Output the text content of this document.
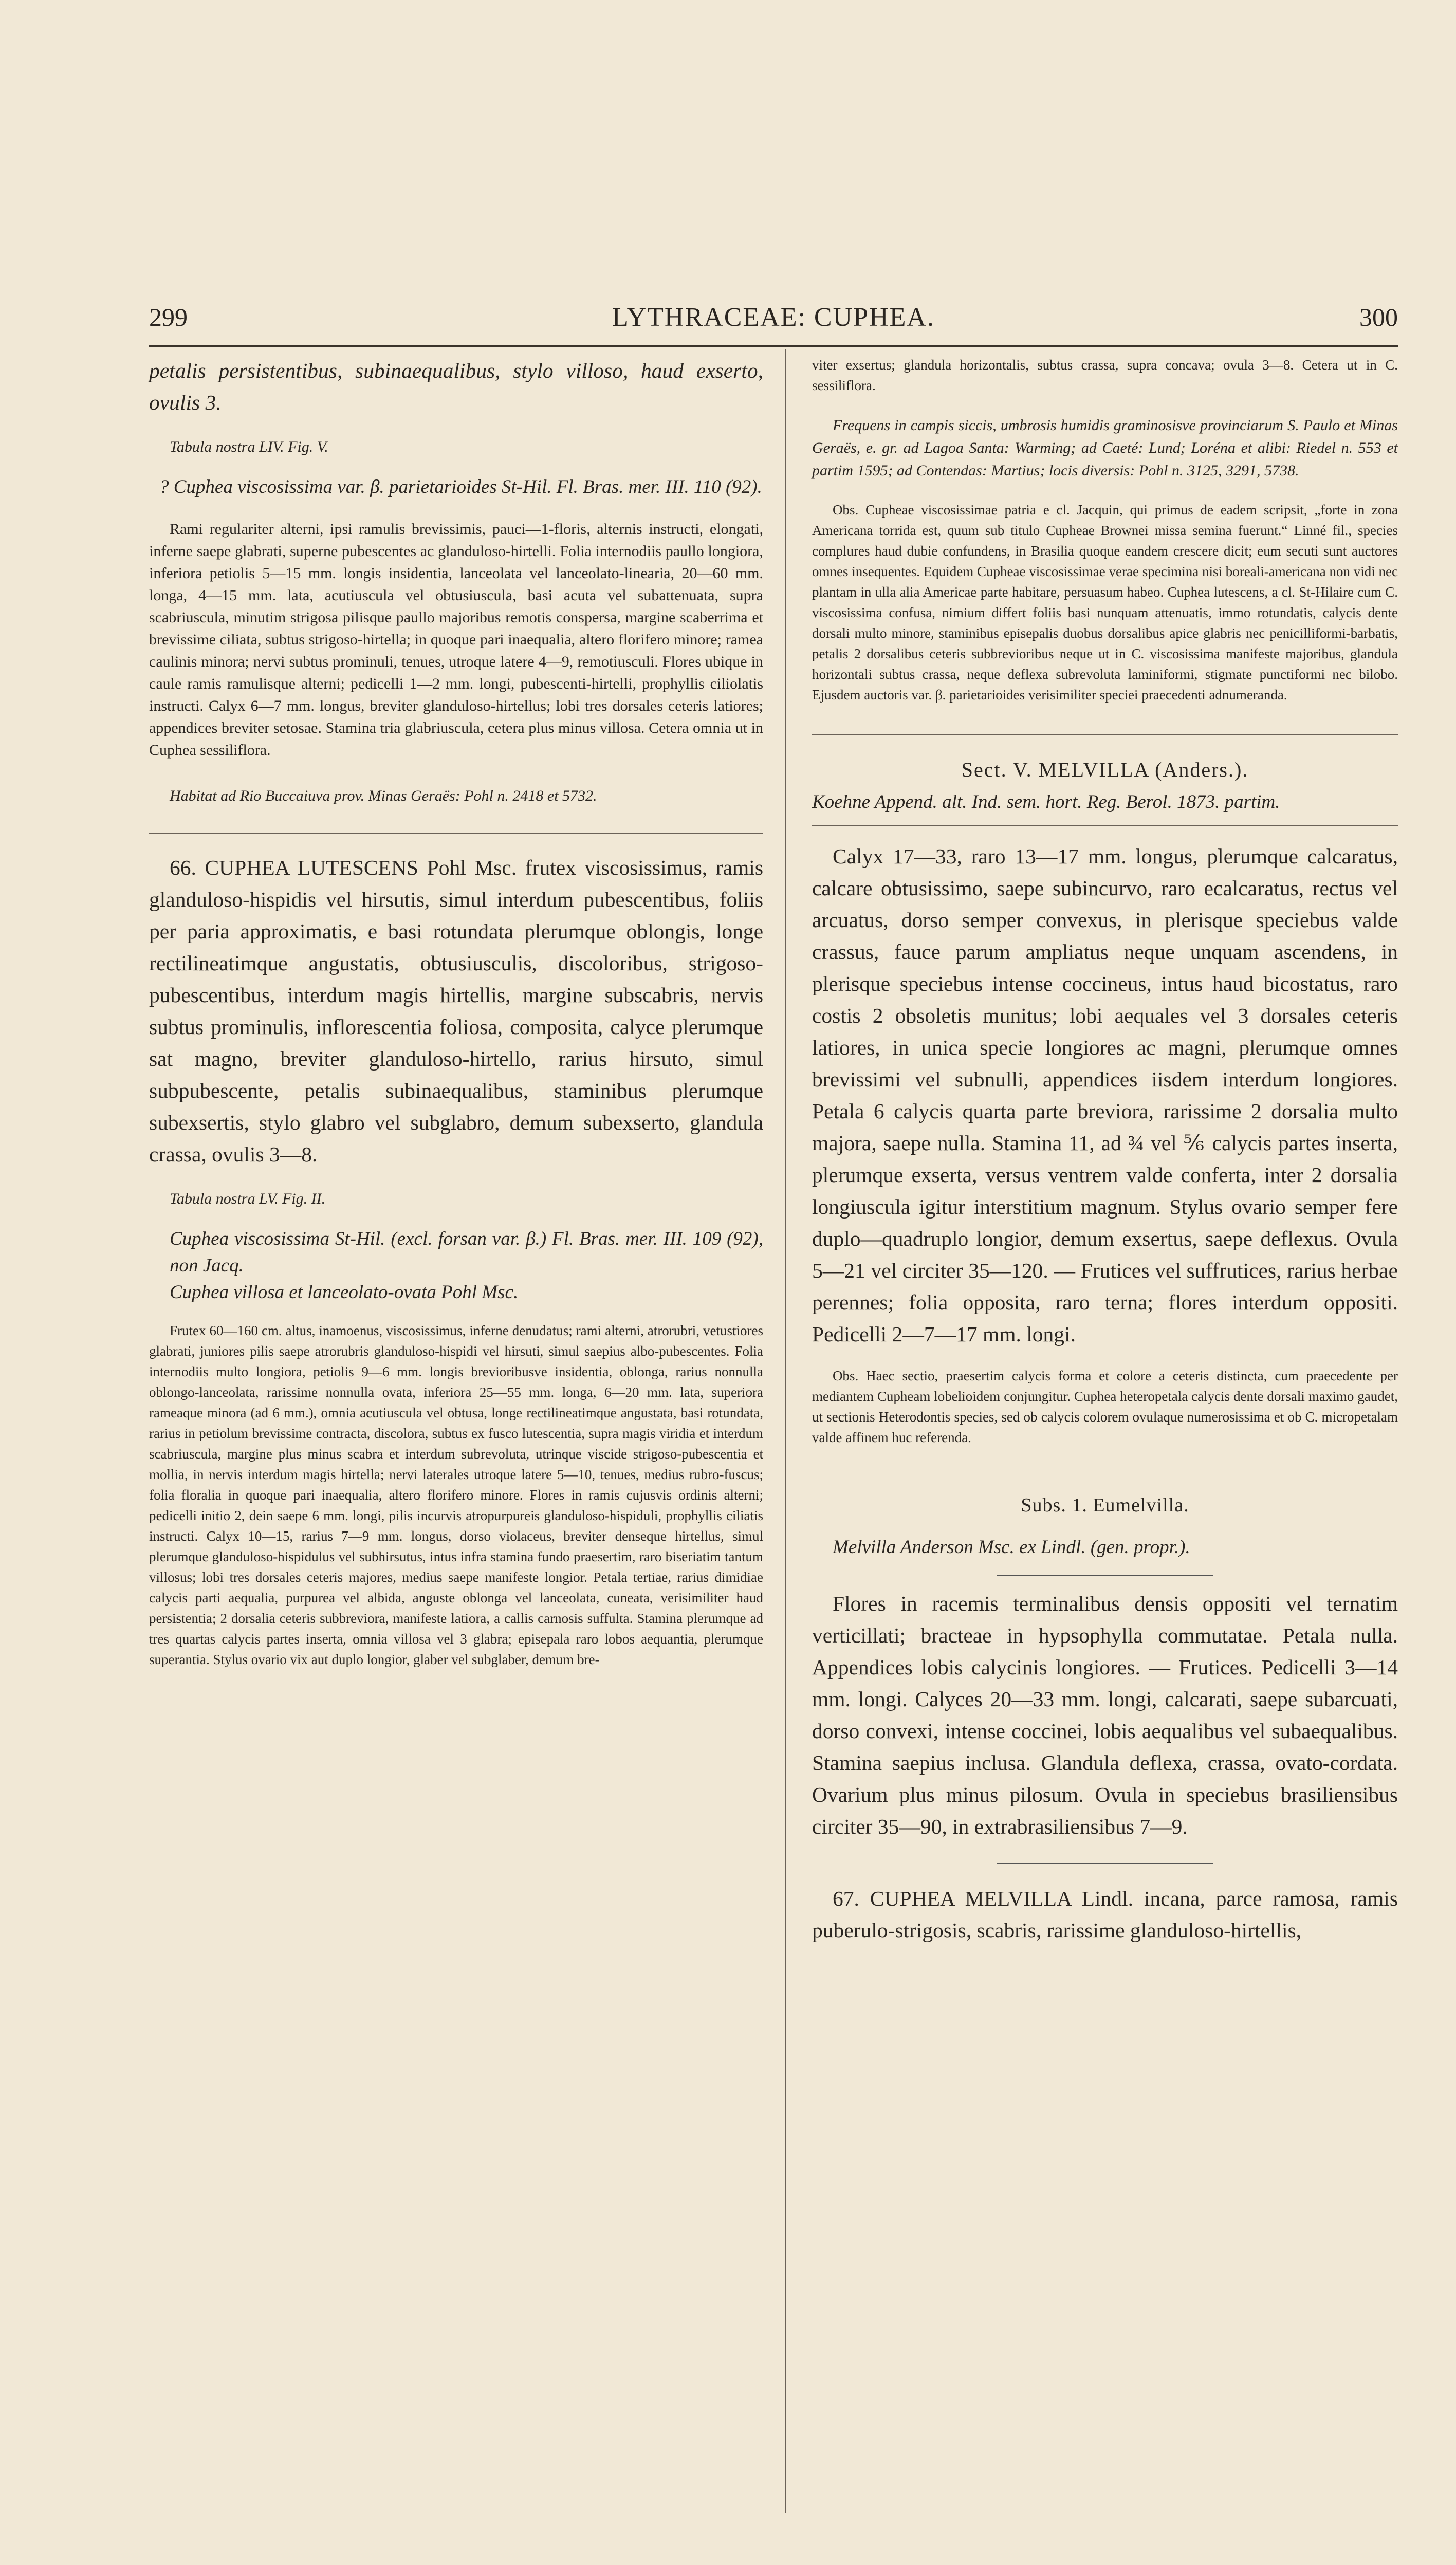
299	LYTHRACEAE: CUPHEA.	300

petalis persistentibus, subinaequalibus, stylo villoso, haud exserto, ovulis 3.

Tabula nostra LIV. Fig. V.

? Cuphea viscosissima var. β. parietarioides St-Hil. Fl. Bras. mer. III. 110 (92).

Rami regulariter alterni, ipsi ramulis brevissimis, pauci—1-floris, alternis instructi, elongati, inferne saepe glabrati, superne pubescentes ac glanduloso-hirtelli. Folia internodiis paullo longiora, inferiora petiolis 5—15 mm. longis insidentia, lanceolata vel lanceolato-linearia, 20—60 mm. longa, 4—15 mm. lata, acutiuscula vel obtusiuscula, basi acuta vel subattenuata, supra scabriuscula, minutim strigosa pilisque paullo majoribus remotis conspersa, margine scaberrima et brevissime ciliata, subtus strigoso-hirtella; in quoque pari inaequalia, altero florifero minore; ramea caulinis minora; nervi subtus prominuli, tenues, utroque latere 4—9, remotiusculi. Flores ubique in caule ramis ramulisque alterni; pedicelli 1—2 mm. longi, pubescenti-hirtelli, prophyllis ciliolatis instructi. Calyx 6—7 mm. longus, breviter glanduloso-hirtellus; lobi tres dorsales ceteris latiores; appendices breviter setosae. Stamina tria glabriuscula, cetera plus minus villosa. Cetera omnia ut in Cuphea sessiliflora.

Habitat ad Rio Buccaiuva prov. Minas Geraës: Pohl n. 2418 et 5732.

66. CUPHEA LUTESCENS Pohl Msc. frutex viscosissimus, ramis glanduloso-hispidis vel hirsutis, simul interdum pubescentibus, foliis per paria approximatis, e basi rotundata plerumque oblongis, longe rectilineatimque angustatis, obtusiusculis, discoloribus, strigoso-pubescentibus, interdum magis hirtellis, margine subscabris, nervis subtus prominulis, inflorescentia foliosa, composita, calyce plerumque sat magno, breviter glanduloso-hirtello, rarius hirsuto, simul subpubescente, petalis subinaequalibus, staminibus plerumque subexsertis, stylo glabro vel subglabro, demum subexserto, glandula crassa, ovulis 3—8.

Tabula nostra LV. Fig. II.

Cuphea viscosissima St-Hil. (excl. forsan var. β.) Fl. Bras. mer. III. 109 (92), non Jacq.

Cuphea villosa et lanceolato-ovata Pohl Msc.

Frutex 60—160 cm. altus, inamoenus, viscosissimus, inferne denudatus; rami alterni, atrorubri, vetustiores glabrati, juniores pilis saepe atrorubris glanduloso-hispidi vel hirsuti, simul saepius albo-pubescentes. Folia internodiis multo longiora, petiolis 9—6 mm. longis brevioribusve insidentia, oblonga, rarius nonnulla oblongo-lanceolata, rarissime nonnulla ovata, inferiora 25—55 mm. longa, 6—20 mm. lata, superiora rameaque minora (ad 6 mm.), omnia acutiuscula vel obtusa, longe rectilineatimque angustata, basi rotundata, rarius in petiolum brevissime contracta, discolora, subtus ex fusco lutescentia, supra magis viridia et interdum scabriuscula, margine plus minus scabra et interdum subrevoluta, utrinque viscide strigoso-pubescentia et mollia, in nervis interdum magis hirtella; nervi laterales utroque latere 5—10, tenues, medius rubro-fuscus; folia floralia in quoque pari inaequalia, altero florifero minore. Flores in ramis cujusvis ordinis alterni; pedicelli initio 2, dein saepe 6 mm. longi, pilis incurvis atropurpureis glanduloso-hispiduli, prophyllis ciliatis instructi. Calyx 10—15, rarius 7—9 mm. longus, dorso violaceus, breviter denseque hirtellus, simul plerumque glanduloso-hispidulus vel subhirsutus, intus infra stamina fundo praesertim, raro biseriatim tantum villosus; lobi tres dorsales ceteris majores, medius saepe manifeste longior. Petala tertiae, rarius dimidiae calycis parti aequalia, purpurea vel albida, anguste oblonga vel lanceolata, cuneata, verisimiliter haud persistentia; 2 dorsalia ceteris subbreviora, manifeste latiora, a callis carnosis suffulta. Stamina plerumque ad tres quartas calycis partes inserta, omnia villosa vel 3 glabra; episepala raro lobos aequantia, plerumque superantia. Stylus ovario vix aut duplo longior, glaber vel subglaber, demum bre-

viter exsertus; glandula horizontalis, subtus crassa, supra concava; ovula 3—8. Cetera ut in C. sessiliflora.

Frequens in campis siccis, umbrosis humidis graminosisve provinciarum S. Paulo et Minas Geraës, e. gr. ad Lagoa Santa: Warming; ad Caeté: Lund; Loréna et alibi: Riedel n. 553 et partim 1595; ad Contendas: Martius; locis diversis: Pohl n. 3125, 3291, 5738.

Obs. Cupheae viscosissimae patria e cl. Jacquin, qui primus de eadem scripsit, „forte in zona Americana torrida est, quum sub titulo Cupheae Brownei missa semina fuerunt.“ Linné fil., species complures haud dubie confundens, in Brasilia quoque eandem crescere dicit; eum secuti sunt auctores omnes insequentes. Equidem Cupheae viscosissimae verae specimina nisi boreali-americana non vidi nec plantam in ulla alia Americae parte habitare, persuasum habeo. Cuphea lutescens, a cl. St-Hilaire cum C. viscosissima confusa, nimium differt foliis basi nunquam attenuatis, immo rotundatis, calycis dente dorsali multo minore, staminibus episepalis duobus dorsalibus apice glabris nec penicilliformi-barbatis, petalis 2 dorsalibus ceteris subbrevioribus neque ut in C. viscosissima manifeste majoribus, glandula horizontali subtus crassa, neque deflexa subrevoluta laminiformi, stigmate punctiformi nec bilobo. Ejusdem auctoris var. β. parietarioides verisimiliter speciei praecedenti adnumeranda.

Sect. V. MELVILLA (Anders.).

Koehne Append. alt. Ind. sem. hort. Reg. Berol. 1873. partim.

Calyx 17—33, raro 13—17 mm. longus, plerumque calcaratus, calcare obtusissimo, saepe subincurvo, raro ecalcaratus, rectus vel arcuatus, dorso semper convexus, in plerisque speciebus valde crassus, fauce parum ampliatus neque unquam ascendens, in plerisque speciebus intense coccineus, intus haud bicostatus, raro costis 2 obsoletis munitus; lobi aequales vel 3 dorsales ceteris latiores, in unica specie longiores ac magni, plerumque omnes brevissimi vel subnulli, appendices iisdem interdum longiores. Petala 6 calycis quarta parte breviora, rarissime 2 dorsalia multo majora, saepe nulla. Stamina 11, ad ¾ vel ⅚ calycis partes inserta, plerumque exserta, versus ventrem valde conferta, inter 2 dorsalia longiuscula igitur interstitium magnum. Stylus ovario semper fere duplo—quadruplo longior, demum exsertus, saepe deflexus. Ovula 5—21 vel circiter 35—120. — Frutices vel suffrutices, rarius herbae perennes; folia opposita, raro terna; flores interdum oppositi. Pedicelli 2—7—17 mm. longi.

Obs. Haec sectio, praesertim calycis forma et colore a ceteris distincta, cum praecedente per mediantem Cupheam lobelioidem conjungitur. Cuphea heteropetala calycis dente dorsali maximo gaudet, ut sectionis Heterodontis species, sed ob calycis colorem ovulaque numerosissima et ob C. micropetalam valde affinem huc referenda.

Subs. 1. Eumelvilla.

Melvilla Anderson Msc. ex Lindl. (gen. propr.).

Flores in racemis terminalibus densis oppositi vel ternatim verticillati; bracteae in hypsophylla commutatae. Petala nulla. Appendices lobis calycinis longiores. — Frutices. Pedicelli 3—14 mm. longi. Calyces 20—33 mm. longi, calcarati, saepe subarcuati, dorso convexi, intense coccinei, lobis aequalibus vel subaequalibus. Stamina saepius inclusa. Glandula deflexa, crassa, ovato-cordata. Ovarium plus minus pilosum. Ovula in speciebus brasiliensibus circiter 35—90, in extrabrasiliensibus 7—9.

67. CUPHEA MELVILLA Lindl. incana, parce ramosa, ramis puberulo-strigosis, scabris, rarissime glanduloso-hirtellis,
